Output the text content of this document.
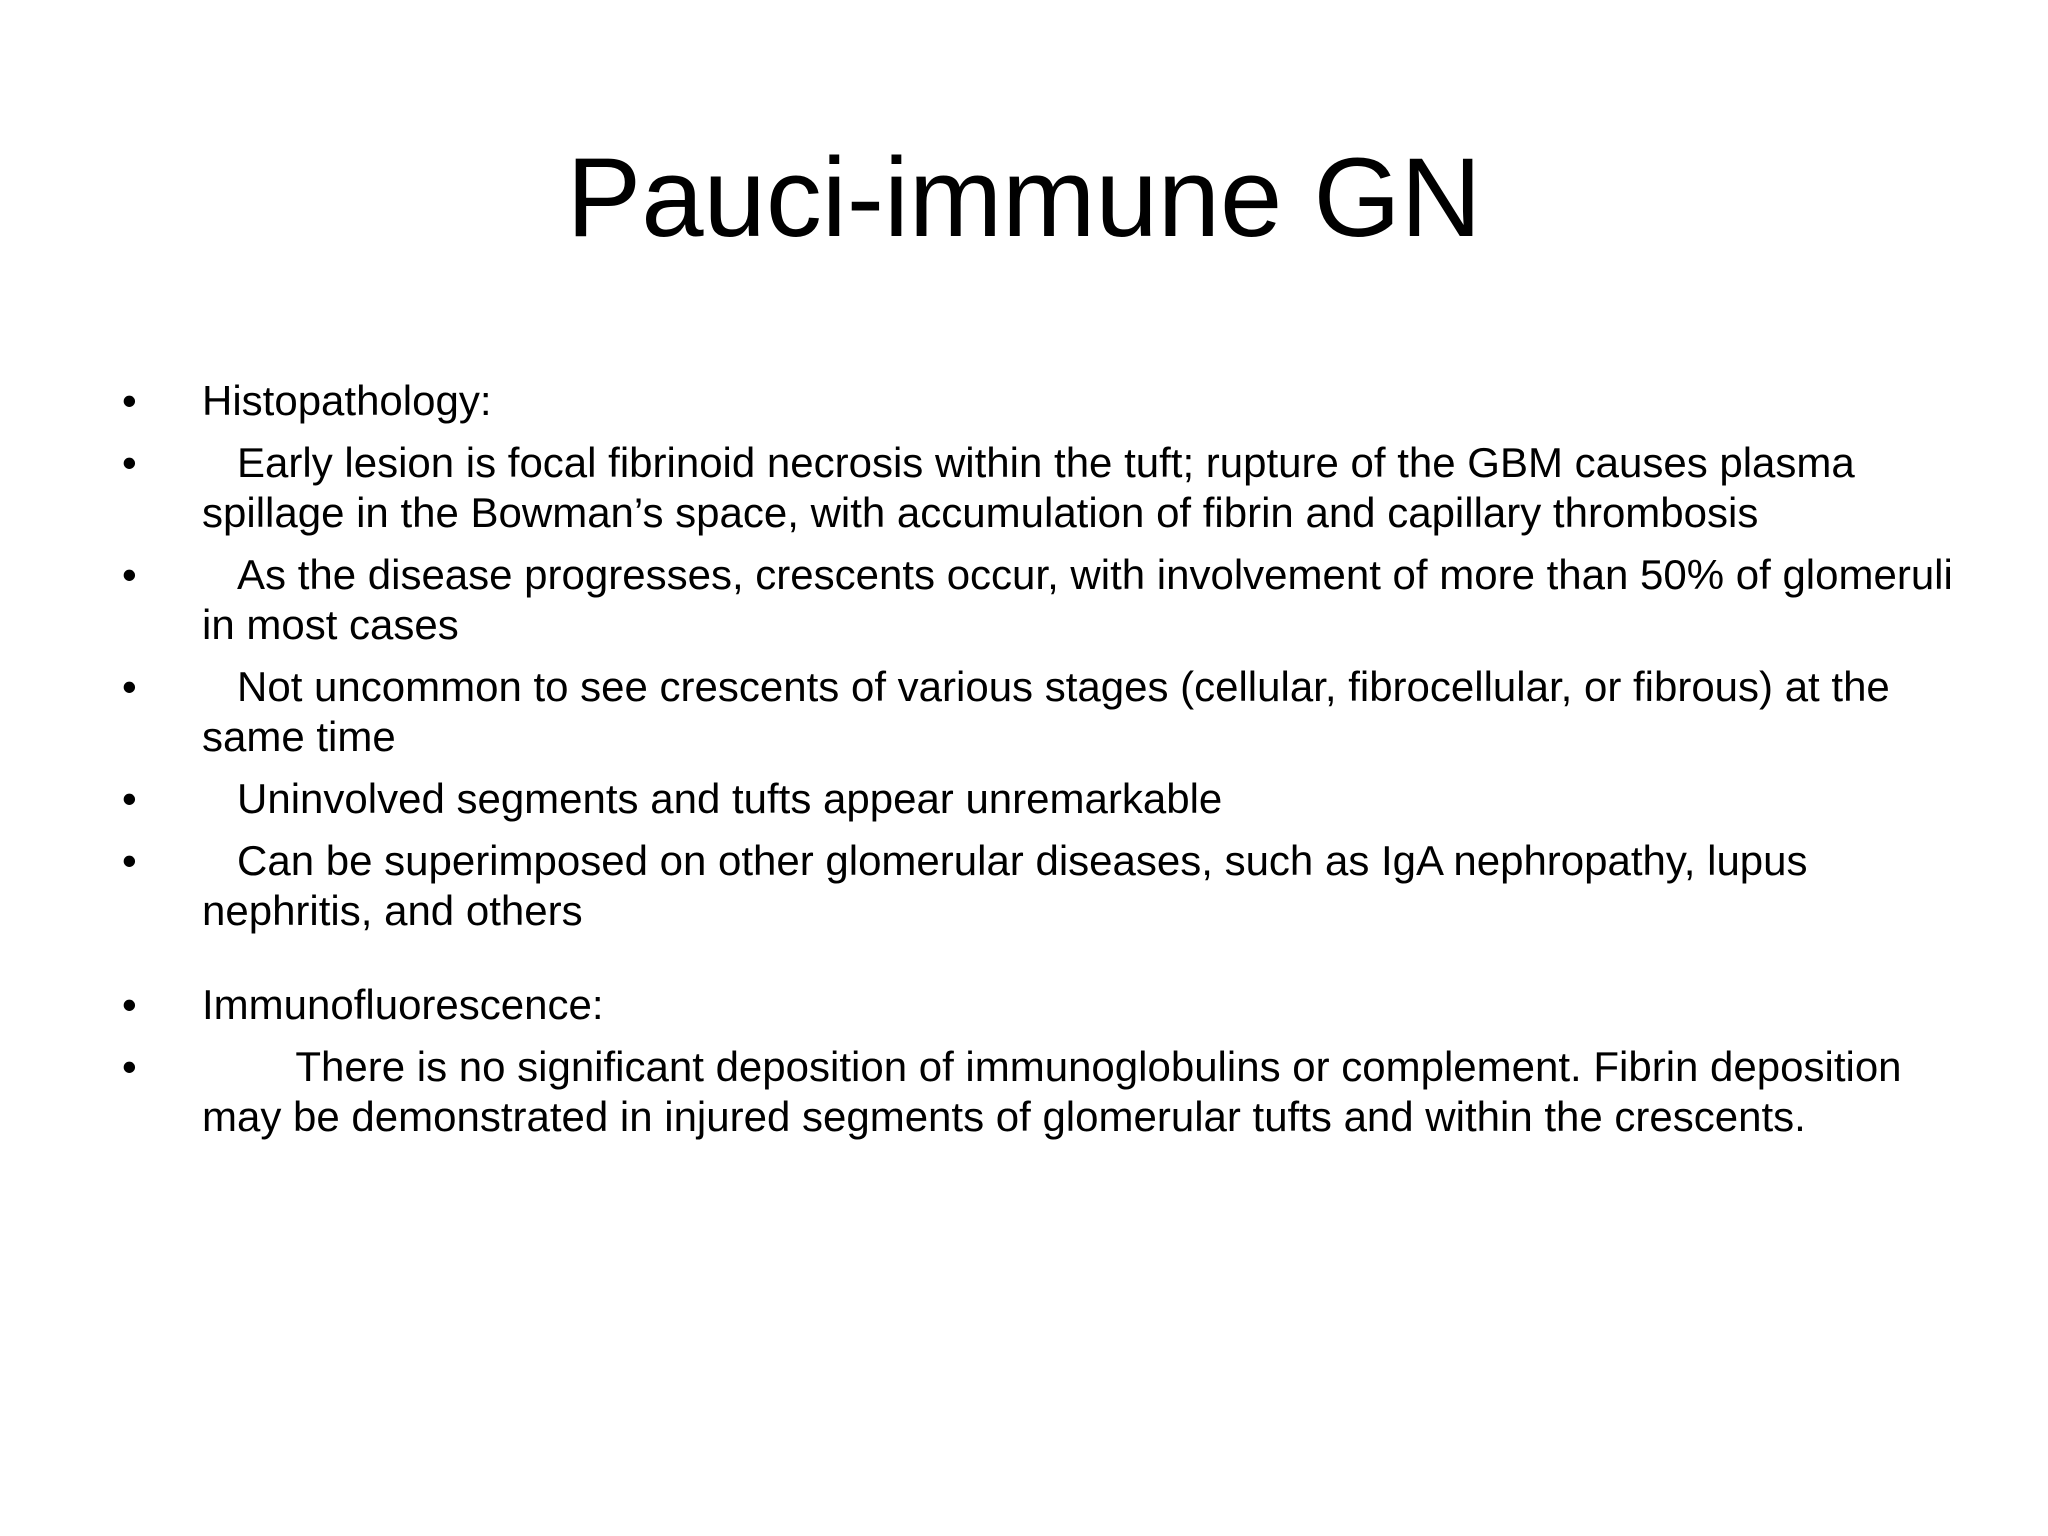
Pauci-immune GN
• Histopathology:
• Early lesion is focal fibrinoid necrosis within the tuft; rupture of the GBM causes plasma spillage in the Bowman’s space, with accumulation of fibrin and capillary thrombosis
• As the disease progresses, crescents occur, with involvement of more than 50% of glomeruli in most cases
• Not uncommon to see crescents of various stages (cellular, fibrocellular, or fibrous) at the same time
• Uninvolved segments and tufts appear unremarkable
• Can be superimposed on other glomerular diseases, such as IgA nephropathy, lupus nephritis, and others
• Immunofluorescence:
• There is no significant deposition of immunoglobulins or complement. Fibrin deposition may be demonstrated in injured segments of glomerular tufts and within the crescents.
